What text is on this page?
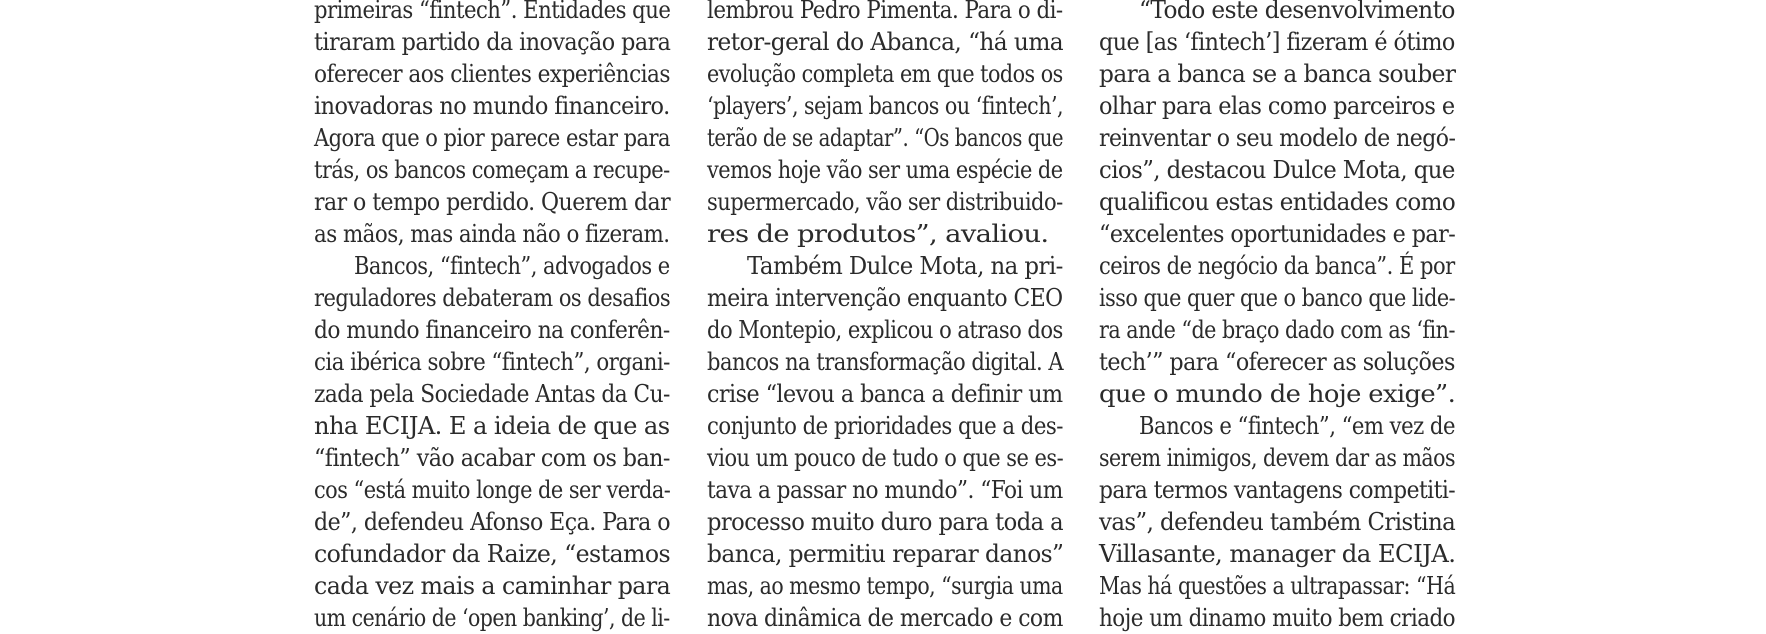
primeiras “fintech”. Entidades que
tiraram partido da inovação para
oferecer aos clientes experiências
inovadoras no mundo financeiro.
Agora que o pior parece estar para
trás, os bancos começam a recupe-
rar o tempo perdido. Querem dar
as mãos, mas ainda não o fizeram.
Bancos, “fintech”, advogados e
reguladores debateram os desafios
do mundo financeiro na conferên-
cia ibérica sobre “fintech”, organi-
zada pela Sociedade Antas da Cu-
nha ECIJA. E a ideia de que as
“fintech” vão acabar com os ban-
cos “está muito longe de ser verda-
de”, defendeu Afonso Eça. Para o
cofundador da Raize, “estamos
cada vez mais a caminhar para
um cenário de ‘open banking’, de li-
lembrou Pedro Pimenta. Para o di-
retor-geral do Abanca, “há uma
evolução completa em que todos os
‘players’, sejam bancos ou ‘fintech’,
terão de se adaptar”. “Os bancos que
vemos hoje vão ser uma espécie de
supermercado, vão ser distribuido-
res de produtos”, avaliou.
Também Dulce Mota, na pri-
meira intervenção enquanto CEO
do Montepio, explicou o atraso dos
bancos na transformação digital. A
crise “levou a banca a definir um
conjunto de prioridades que a des-
viou um pouco de tudo o que se es-
tava a passar no mundo”. “Foi um
processo muito duro para toda a
banca, permitiu reparar danos”
mas, ao mesmo tempo, “surgia uma
nova dinâmica de mercado e com
“Todo este desenvolvimento
que [as ‘fintech’] fizeram é ótimo
para a banca se a banca souber
olhar para elas como parceiros e
reinventar o seu modelo de negó-
cios”, destacou Dulce Mota, que
qualificou estas entidades como
“excelentes oportunidades e par-
ceiros de negócio da banca”. É por
isso que quer que o banco que lide-
ra ande “de braço dado com as ‘fin-
tech’” para “oferecer as soluções
que o mundo de hoje exige”.
Bancos e “fintech”, “em vez de
serem inimigos, devem dar as mãos
para termos vantagens competiti-
vas”, defendeu também Cristina
Villasante, manager da ECIJA.
Mas há questões a ultrapassar: “Há
hoje um dinamo muito bem criado
